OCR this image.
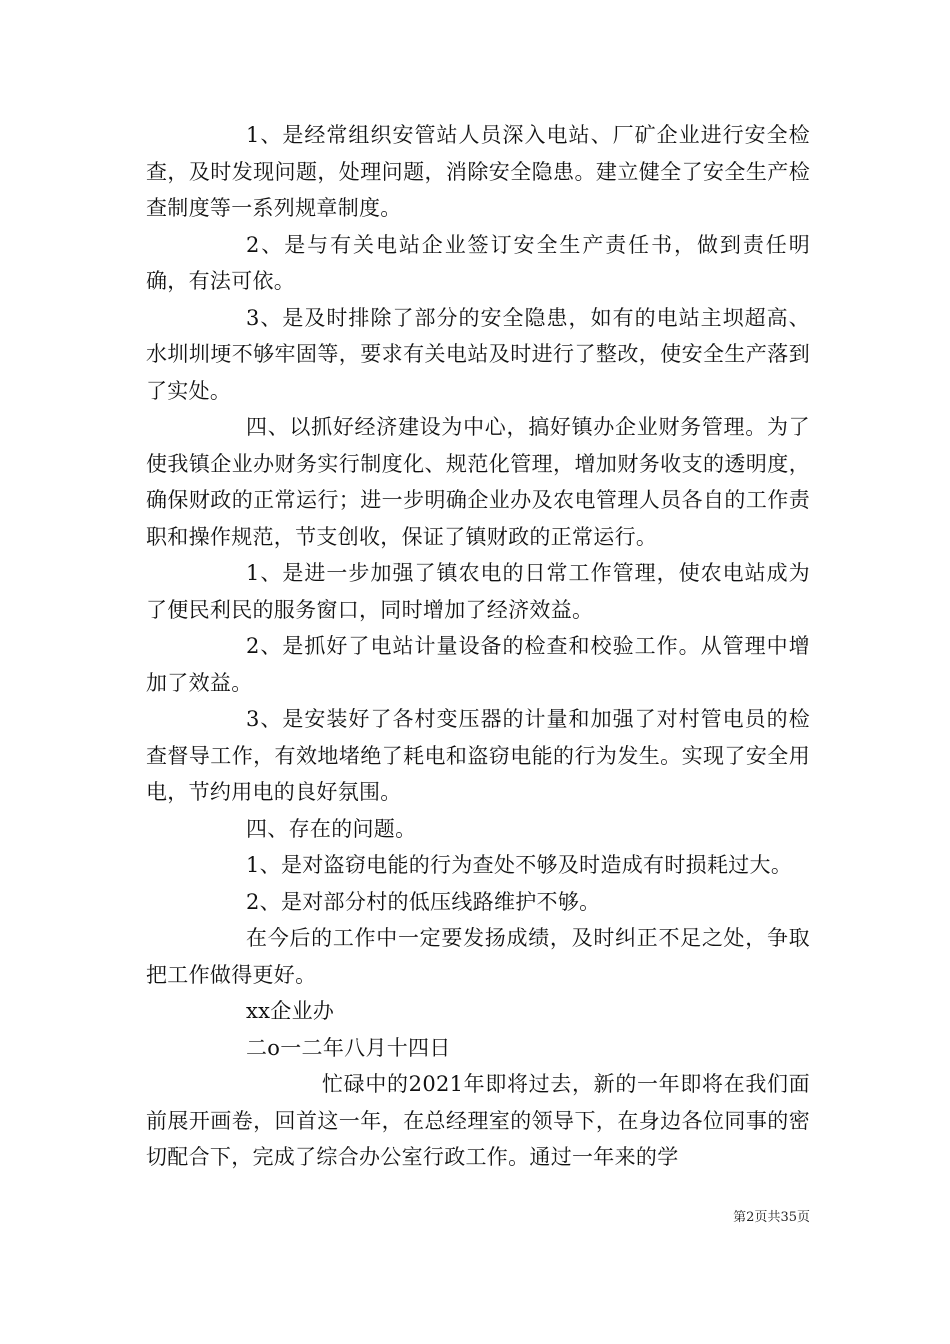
1、是经常组织安管站人员深入电站、厂矿企业进行安全检查，及时发现问题，处理问题，消除安全隐患。建立健全了安全生产检查制度等一系列规章制度。

2、是与有关电站企业签订安全生产责任书，做到责任明确，有法可依。

3、是及时排除了部分的安全隐患，如有的电站主坝超高、水圳圳埂不够牢固等，要求有关电站及时进行了整改，使安全生产落到了实处。

四、以抓好经济建设为中心，搞好镇办企业财务管理。为了使我镇企业办财务实行制度化、规范化管理，增加财务收支的透明度，确保财政的正常运行；进一步明确企业办及农电管理人员各自的工作责职和操作规范，节支创收，保证了镇财政的正常运行。

1、是进一步加强了镇农电的日常工作管理，使农电站成为了便民利民的服务窗口，同时增加了经济效益。

2、是抓好了电站计量设备的检查和校验工作。从管理中增加了效益。

3、是安装好了各村变压器的计量和加强了对村管电员的检查督导工作，有效地堵绝了耗电和盗窃电能的行为发生。实现了安全用电，节约用电的良好氛围。

四、存在的问题。

1、是对盗窃电能的行为查处不够及时造成有时损耗过大。

2、是对部分村的低压线路维护不够。

在今后的工作中一定要发扬成绩，及时纠正不足之处，争取把工作做得更好。

xx企业办

二o一二年八月十四日

忙碌中的2021年即将过去，新的一年即将在我们面前展开画卷，回首这一年，在总经理室的领导下，在身边各位同事的密切配合下，完成了综合办公室行政工作。通过一年来的学

第2页共35页
